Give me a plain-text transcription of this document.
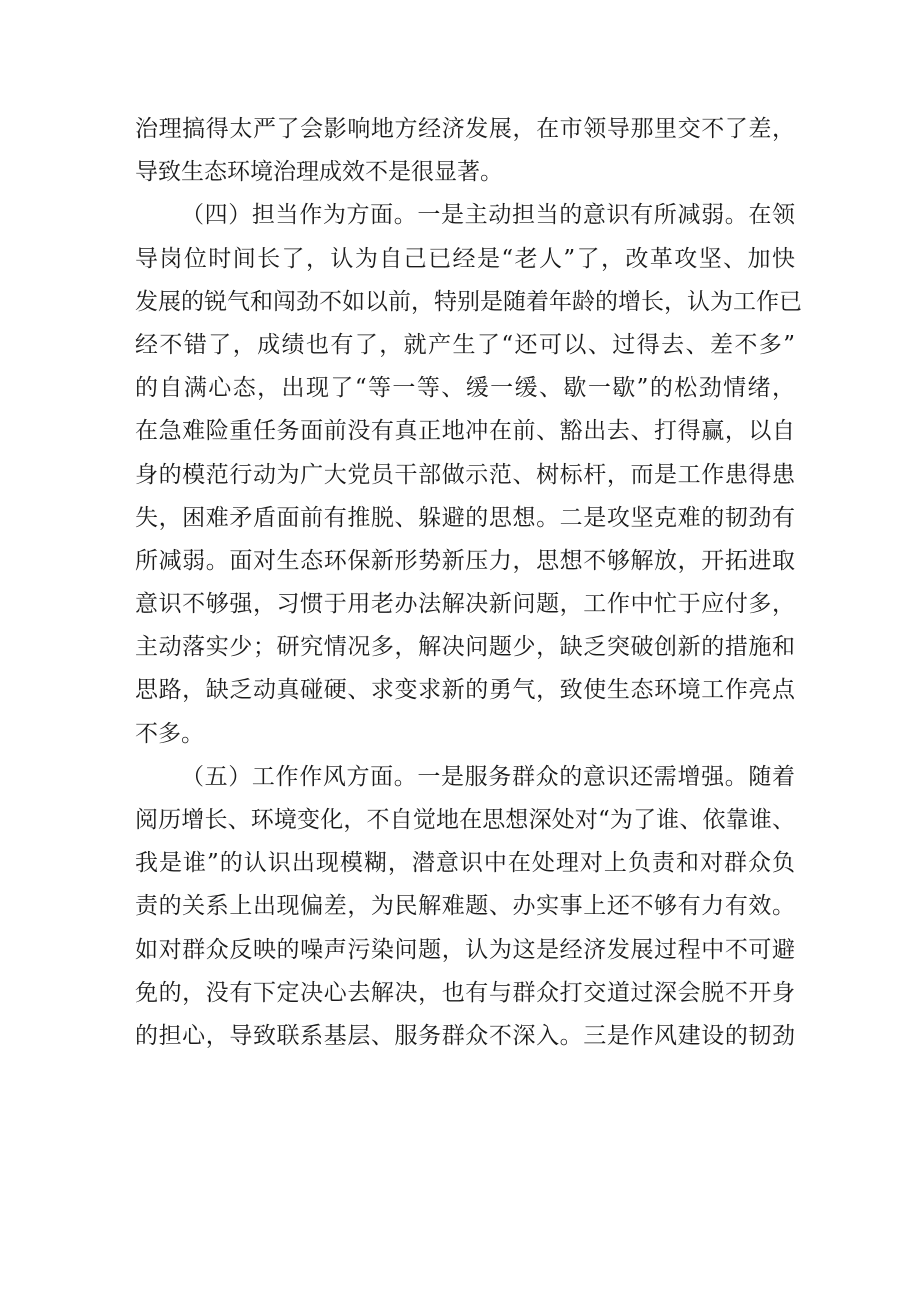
治理搞得太严了会影响地方经济发展，在市领导那里交不了差，
导致生态环境治理成效不是很显著。
（四）担当作为方面。一是主动担当的意识有所减弱。在领
导岗位时间长了，认为自己已经是“老人”了，改革攻坚、加快
发展的锐气和闯劲不如以前，特别是随着年龄的增长，认为工作已
经不错了，成绩也有了，就产生了“还可以、过得去、差不多”
的自满心态，出现了“等一等、缓一缓、歇一歇”的松劲情绪，
在急难险重任务面前没有真正地冲在前、豁出去、打得赢，以自
身的模范行动为广大党员干部做示范、树标杆，而是工作患得患
失，困难矛盾面前有推脱、躲避的思想。二是攻坚克难的韧劲有
所减弱。面对生态环保新形势新压力，思想不够解放，开拓进取
意识不够强，习惯于用老办法解决新问题，工作中忙于应付多，
主动落实少；研究情况多，解决问题少，缺乏突破创新的措施和
思路，缺乏动真碰硬、求变求新的勇气，致使生态环境工作亮点
不多。
（五）工作作风方面。一是服务群众的意识还需增强。随着
阅历增长、环境变化，不自觉地在思想深处对“为了谁、依靠谁、
我是谁”的认识出现模糊，潜意识中在处理对上负责和对群众负
责的关系上出现偏差，为民解难题、办实事上还不够有力有效。
如对群众反映的噪声污染问题，认为这是经济发展过程中不可避
免的，没有下定决心去解决，也有与群众打交道过深会脱不开身
的担心，导致联系基层、服务群众不深入。三是作风建设的韧劲
